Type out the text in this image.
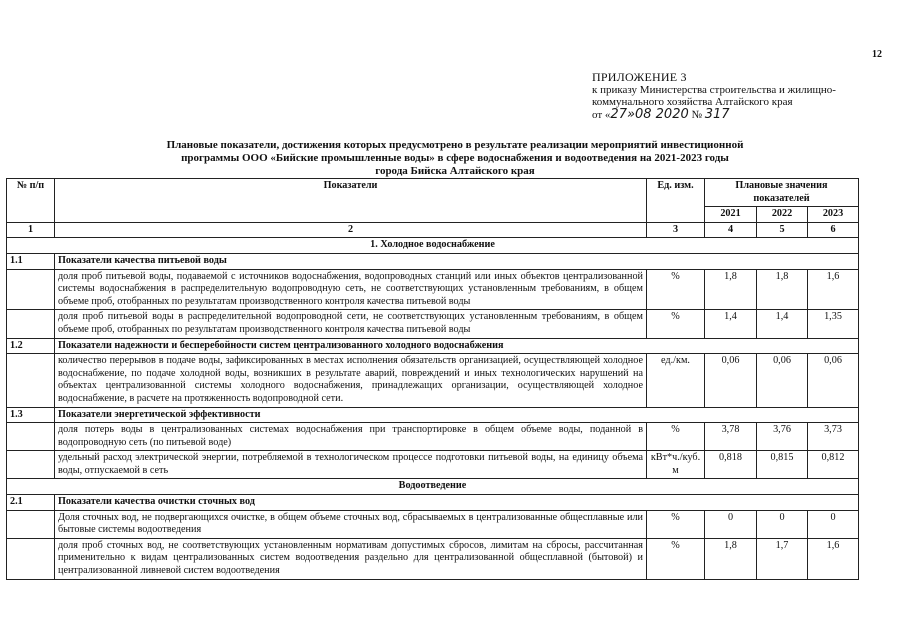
12
ПРИЛОЖЕНИЕ 3
к приказу Министерства строительства и жилищно-
коммунального хозяйства Алтайского края
от «27»08 2020 № 317
Плановые показатели, достижения которых предусмотрено в результате реализации мероприятий инвестиционной
программы ООО «Бийские промышленные воды» в сфере водоснабжения и водоотведения на 2021-2023 годы
города Бийска Алтайского края
№ п/п	Показатели	Ед. изм.	Плановые значения показателей		
			2021	2022	2023
1	2	3	4	5	6
1. Холодное водоснабжение					
1.1	Показатели качества питьевой воды				
	доля проб питьевой воды, подаваемой с источников водоснабжения, водопроводных станций или иных объектов централизованной системы водоснабжения в распределительную водопроводную сеть, не соответствующих установленным требованиям, в общем объеме проб, отобранных по результатам производственного контроля качества питьевой воды	%	1,8	1,8	1,6
	доля проб питьевой воды в распределительной водопроводной сети, не соответствующих установленным требованиям, в общем объеме проб, отобранных по результатам производственного контроля качества питьевой воды	%	1,4	1,4	1,35
1.2	Показатели надежности и бесперебойности систем централизованного холодного водоснабжения				
	количество перерывов в подаче воды, зафиксированных в местах исполнения обязательств организацией, осуществляющей холодное водоснабжение, по подаче холодной воды, возникших в результате аварий, повреждений и иных технологических нарушений на объектах централизованной системы холодного водоснабжения, принадлежащих организации, осуществляющей холодное водоснабжение, в расчете на протяженность водопроводной сети.	ед./км.	0,06	0,06	0,06
1.3	Показатели энергетической эффективности				
	доля потерь воды в централизованных системах водоснабжения при транспортировке в общем объеме воды, поданной в водопроводную сеть (по питьевой воде)	%	3,78	3,76	3,73
	удельный расход электрической энергии, потребляемой в технологическом процессе подготовки питьевой воды, на единицу объема воды, отпускаемой в сеть	кВт*ч./куб. м	0,818	0,815	0,812
Водоотведение					
2.1	Показатели качества очистки сточных вод				
	Доля сточных вод, не подвергающихся очистке, в общем объеме сточных вод, сбрасываемых в централизованные общесплавные или бытовые системы водоотведения	%	0	0	0
	доля проб сточных вод, не соответствующих установленным нормативам допустимых сбросов, лимитам на сбросы, рассчитанная применительно к видам централизованных систем водоотведения раздельно для централизованной общесплавной (бытовой) и централизованной ливневой систем водоотведения	%	1,8	1,7	1,6
